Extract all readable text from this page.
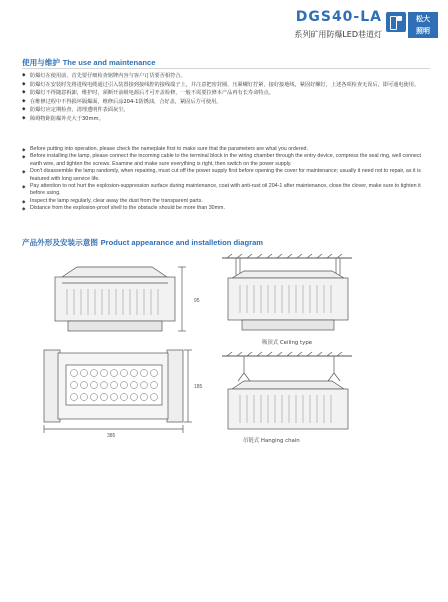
DGS40-LA
系列矿用防爆LED巷道灯
松大
照明
使用与维护 The use and maintenance
◆ 防爆灯在使用前，首先要仔细检查铭牌内容与客户订货要否相符合。
◆ 防爆灯在安装时先将进线电缆通过引入装置接到接线腔的接线端子上，并注意把密封圈、压紧螺钉拧紧，接好接地线，紧固好螺钉，上述各项检查无误后，即可通电使用。
◆ 防爆灯不得随意拆卸，维护时，须断开前级电源后才可开盖检修，一般不需要拉修本产品再有长寿命特点。
◆ 在维修过程中不得损坏隔爆面，维修后涂204-1防锈油，合好盖，紧固后方可使用。
◆ 防爆灯应定期检查，清理透明件表面灰尘。
◆ 障碍物距防爆外壳大于30mm。
◆ Before putting into operation, please check the nameplate first to make sure that the parameters are what you ordered.
◆ Before installing the lamp, please connect the incoming cable to the terminal block in the wiring chamber through the entry device, compress the seal ring, well connect earth wire, and tighten the screws. Examine and make sure everything is right, then switch on the power supply.
◆ Don't disassemble the lamp randomly, when repairing, must cut off the power supply first before opening the cover for maintenance; usually it need not to repair, as it is featured with long service life.
◆ Pay attention to not hurt the explosion-suppression surface during maintenance, coat with anti-rust oil 204-1 after maintenance, close the clover, make sure to tighten it before using.
◆ Inspect the lamp regularly, clear away the dust from the transparent parts.
◆ Distance from the explosion-proof shell to the obstacle should be more than 30mm.
产品外形及安装示意图 Product appearance and installetion diagram
95
185
385
吸顶式 Ceiling type
吊链式 Hanging chain
